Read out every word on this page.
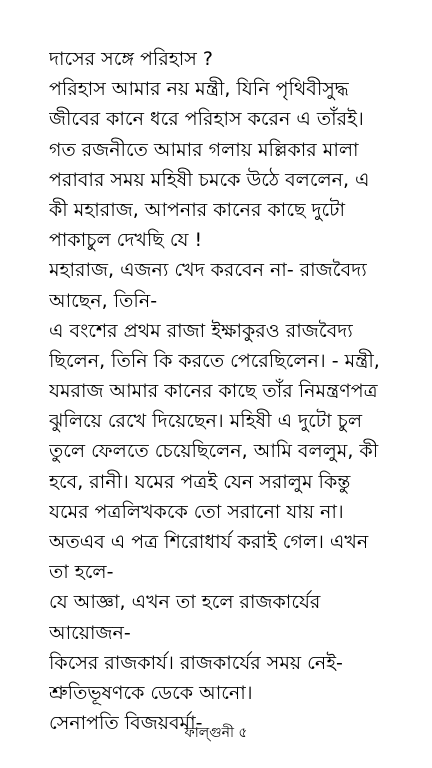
দাসের সঙ্গে পরিহাস ?
পরিহাস আমার নয় মন্ত্রী, যিনি পৃথিবীসুদ্ধ
জীবের কানে ধরে পরিহাস করেন এ তাঁরই।
গত রজনীতে আমার গলায় মল্লিকার মালা
পরাবার সময় মহিষী চমকে উঠে বললেন, এ
কী মহারাজ, আপনার কানের কাছে দুটো
পাকাচুল দেখছি যে !
মহারাজ, এজন্য খেদ করবেন না- রাজবৈদ্য
আছেন, তিনি-
এ বংশের প্রথম রাজা ইক্ষাকুরও রাজবৈদ্য
ছিলেন, তিনি কি করতে পেরেছিলেন। - মন্ত্রী,
যমরাজ আমার কানের কাছে তাঁর নিমন্ত্রণপত্র
ঝুলিয়ে রেখে দিয়েছেন। মহিষী এ দুটো চুল
তুলে ফেলতে চেয়েছিলেন, আমি বললুম, কী
হবে, রানী। যমের পত্রই যেন সরালুম কিন্তু
যমের পত্রলিখককে তো সরানো যায় না।
অতএব এ পত্র শিরোধার্য করাই গেল। এখন
তা হলে-
যে আজ্ঞা, এখন তা হলে রাজকার্যের
আয়োজন-
কিসের রাজকার্য। রাজকার্যের সময় নেই-
শ্রুতিভূষণকে ডেকে আনো।
সেনাপতি বিজয়বর্মা-
ফাল্গুনী ৫
